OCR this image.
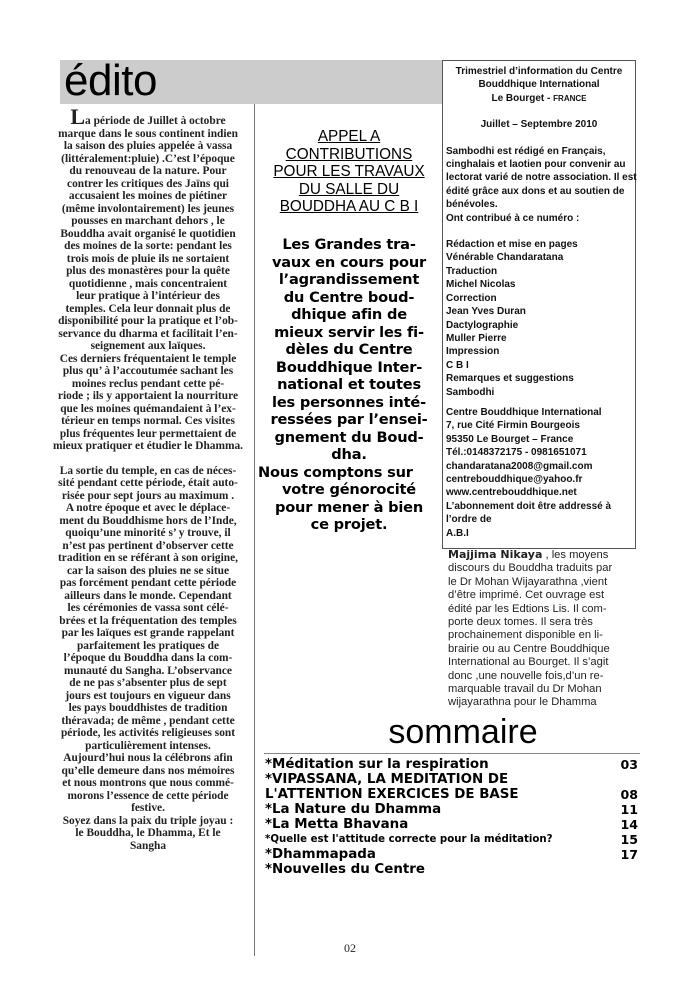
édito
La période de Juillet à octobre
marque dans le sous continent indien
la saison des pluies appelée à vassa
(littéralement:pluie) .C’est l’époque
du renouveau de la nature. Pour
contrer les critiques des Jaïns qui
accusaient les moines de piétiner
(même involontairement) les jeunes
pousses en marchant dehors , le
Bouddha avait organisé le quotidien
des moines de la sorte: pendant les
trois mois de pluie ils ne sortaient
plus des monastères pour la quête
quotidienne , mais concentraient
leur pratique à l’intérieur des
temples. Cela leur donnait plus de
disponibilité pour la pratique et l’ob-
servance du dharma et facilitait l’en-
seignement aux laïques.
Ces derniers fréquentaient le temple
plus qu’ à l’accoutumée sachant les
moines reclus pendant cette pé-
riode ; ils y apportaient la nourriture
que les moines quémandaient à l’ex-
térieur en temps normal. Ces visites
plus fréquentes leur permettaient de
mieux pratiquer et étudier le Dhamma.
La sortie du temple, en cas de néces-
sité pendant cette période, était auto-
risée pour sept jours au maximum .
A notre époque et avec le déplace-
ment du Bouddhisme hors de l’Inde,
quoiqu’une minorité s’ y trouve, il
n’est pas pertinent d’observer cette
tradition en se référant à son origine,
car la saison des pluies ne se situe
pas forcément pendant cette période
ailleurs dans le monde. Cependant
les cérémonies de vassa sont célé-
brées et la fréquentation des temples
par les laïques est grande rappelant
parfaitement les pratiques de
l’époque du Bouddha dans la com-
munauté du Sangha. L’observance
de ne pas s’absenter plus de sept
jours est toujours en vigueur dans
les pays bouddhistes de tradition
théravada; de même , pendant cette
période, les activités religieuses sont
particulièrement intenses.
Aujourd’hui nous la célébrons afin
qu’elle demeure dans nos mémoires
et nous montrons que nous commé-
morons l’essence de cette période
festive.
Soyez dans la paix du triple joyau :
le Bouddha, le Dhamma, Et le
Sangha
APPEL A
CONTRIBUTIONS
POUR LES TRAVAUX
DU SALLE DU
BOUDDHA AU C B I
Les Grandes tra-
vaux en cours pour
l’agrandissement
du Centre boud-
dhique afin de
mieux servir les fi-
dèles du Centre
Bouddhique Inter-
national et toutes
les personnes inté-
ressées par l’ensei-
gnement du Boud-
dha.
Nous comptons sur
votre génorocité
pour mener à bien
ce projet.
Trimestriel d’information du Centre
Bouddhique International
Le Bourget - FRANCE
Juillet – Septembre 2010
Sambodhi est rédigé en Français,
cinghalais et laotien pour convenir au
lectorat varié de notre association. Il est
édité grâce aux dons et au soutien de
bénévoles.
Ont contribué à ce numéro :
Rédaction et mise en pages
Vénérable Chandaratana
Traduction
Michel Nicolas
Correction
Jean Yves Duran
Dactylographie
Muller Pierre
Impression
C B I
Remarques et suggestions
Sambodhi
Centre Bouddhique International
7, rue Cité Firmin Bourgeois
95350 Le Bourget – France
Tél.:0148372175 - 0981651071
chandaratana2008@gmail.com
centrebouddhique@yahoo.fr
www.centrebouddhique.net
L’abonnement doit être addressé à
l’ordre de
A.B.I
Majjima Nikaya , les moyens
discours du Bouddha traduits par
le Dr Mohan Wijayarathna ,vient
d’être imprimé. Cet ouvrage est
édité par les Edtions Lis. Il com-
porte deux tomes. Il sera très
prochainement disponible en li-
brairie ou au Centre Bouddhique
International au Bourget. Il s’agit
donc ,une nouvelle fois,d’un re-
marquable travail du Dr Mohan
wijayarathna pour le Dhamma
sommaire
*Méditation sur la respiration	03
*VIPASSANA, LA MEDITATION DE
L'ATTENTION EXERCICES DE BASE	08
*La Nature du Dhamma	11
*La Metta Bhavana	14
*Quelle est l'attitude correcte pour la méditation?	15
*Dhammapada	17
*Nouvelles du Centre
02
